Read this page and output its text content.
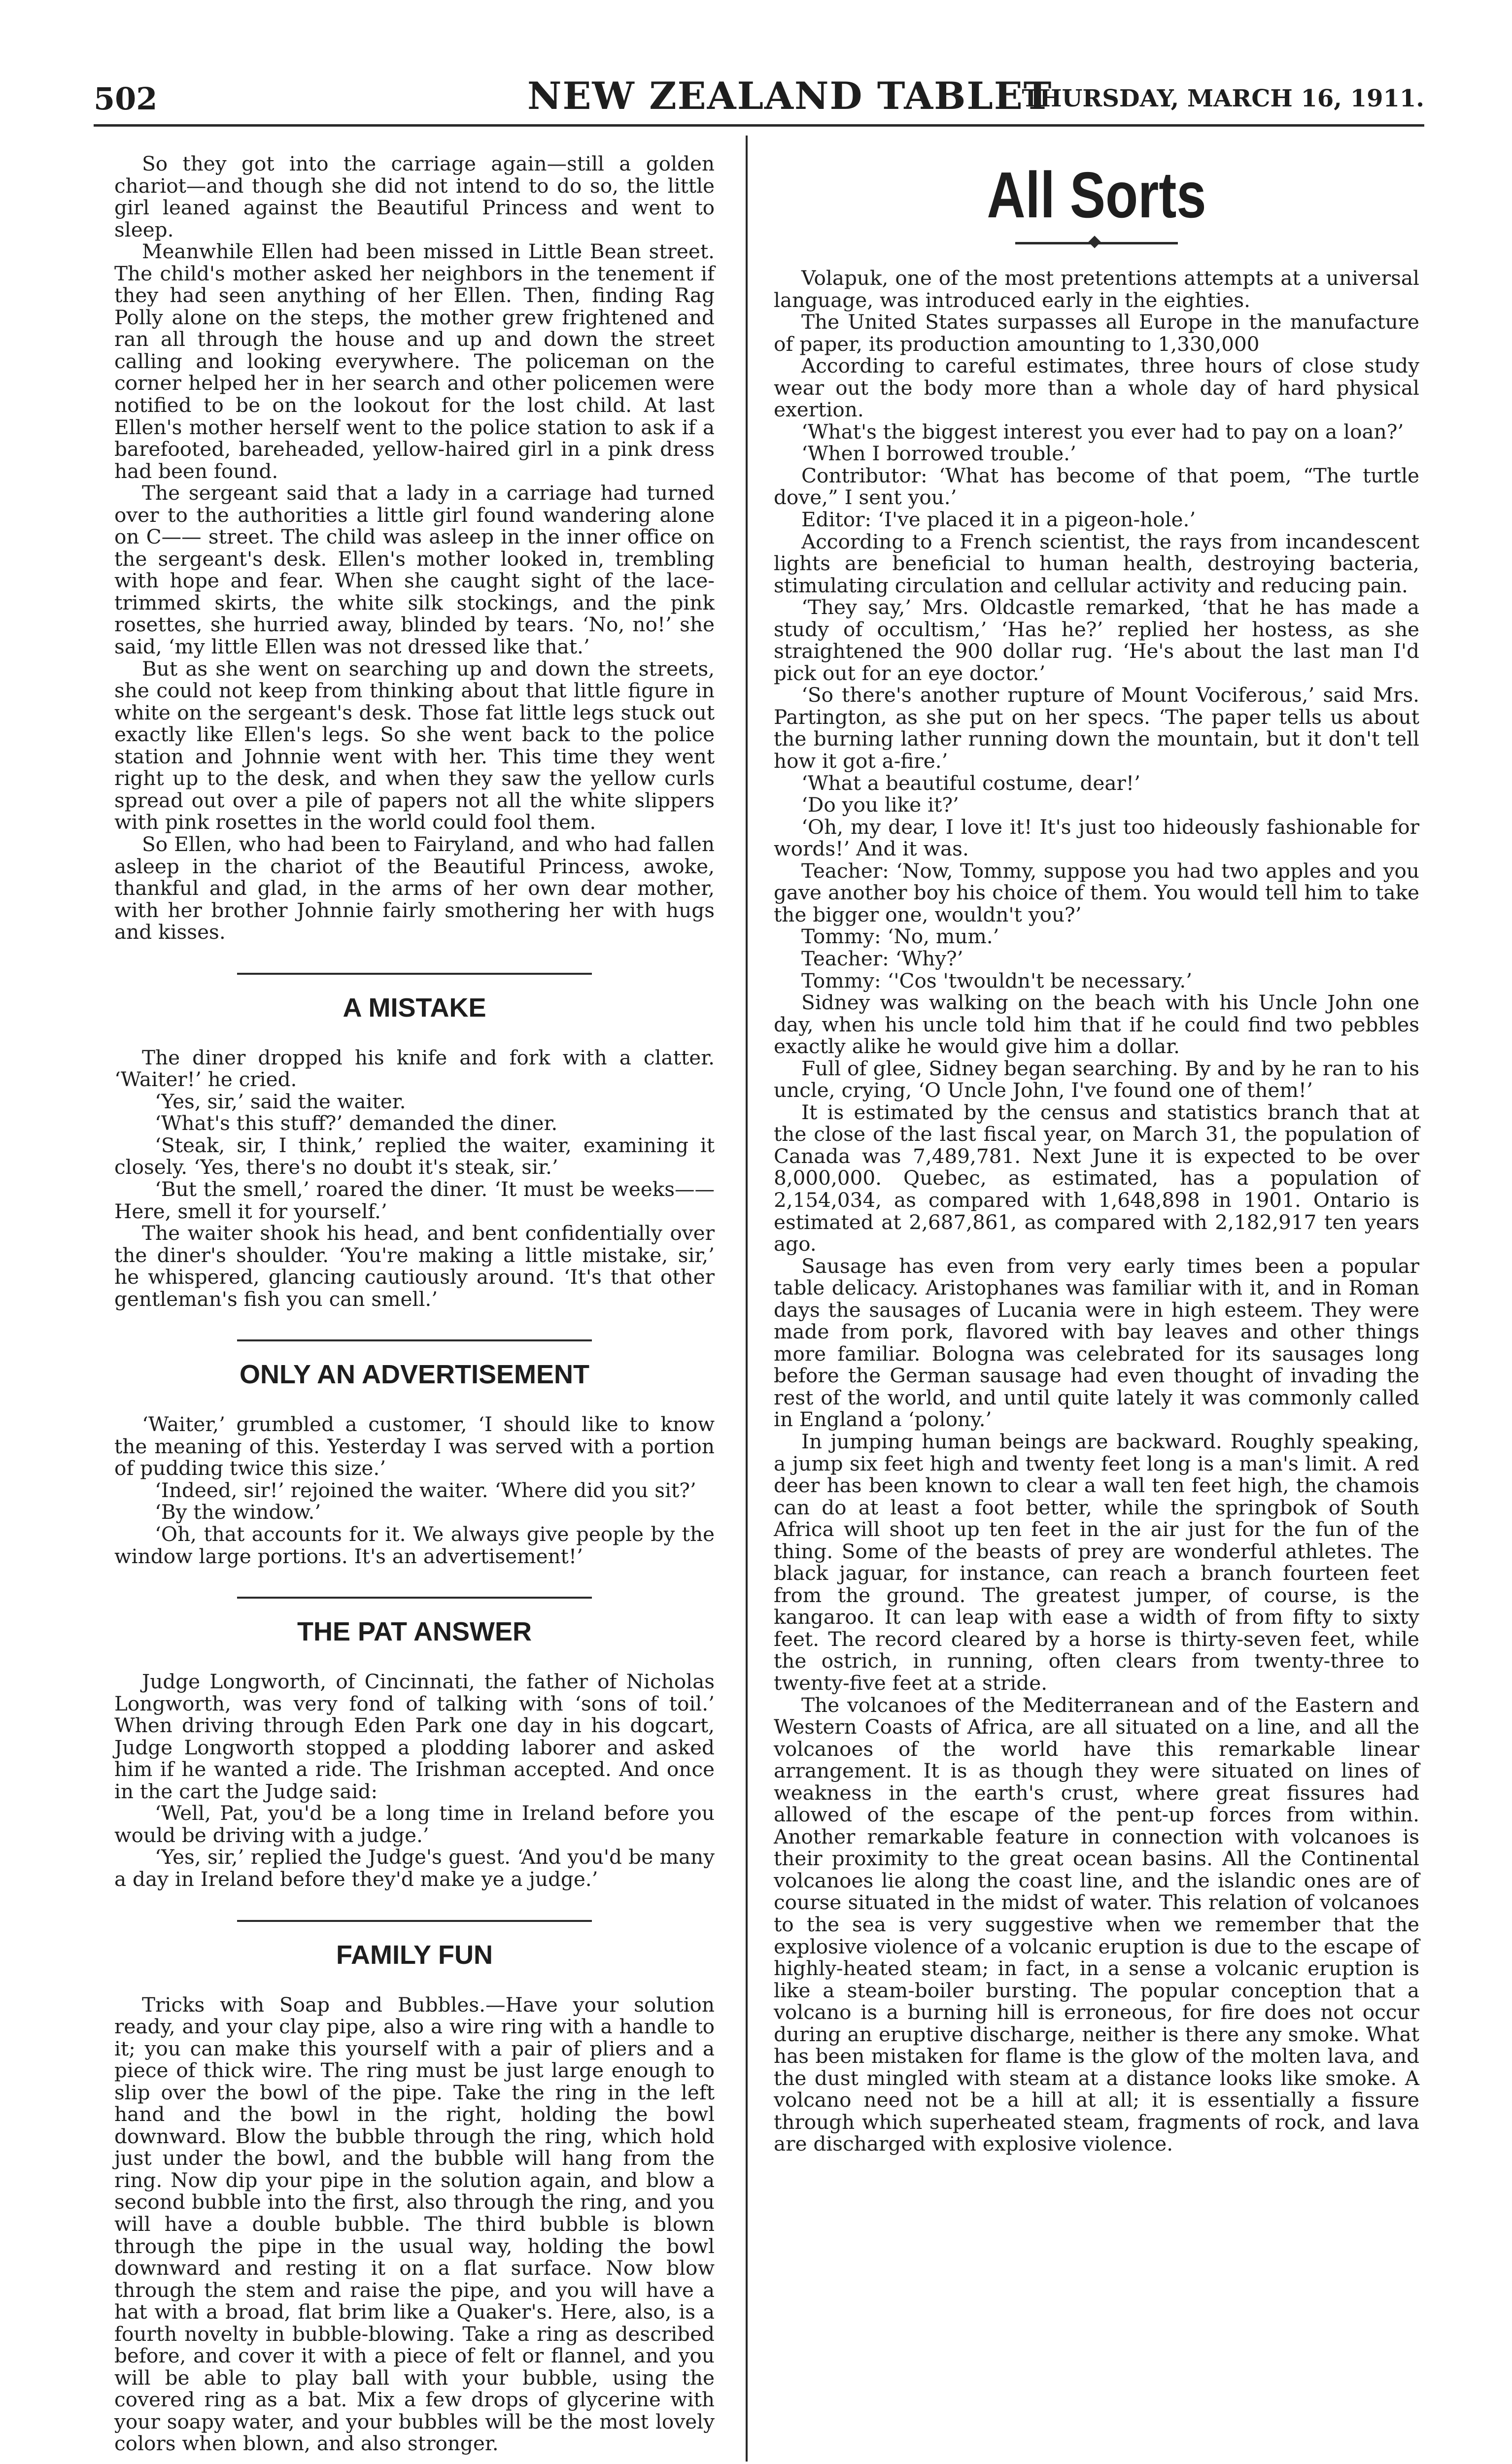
502	NEW ZEALAND TABLET
THURSDAY, MARCH 16, 1911.

So they got into the carriage again—still a golden chariot—and though she did not intend to do so, the little girl leaned against the Beautiful Princess and went to sleep.

Meanwhile Ellen had been missed in Little Bean street. The child's mother asked her neighbors in the tenement if they had seen anything of her Ellen. Then, finding Rag Polly alone on the steps, the mother grew frightened and ran all through the house and up and down the street calling and looking everywhere. The policeman on the corner helped her in her search and other policemen were notified to be on the lookout for the lost child. At last Ellen's mother herself went to the police station to ask if a barefooted, bareheaded, yellow-haired girl in a pink dress had been found.

The sergeant said that a lady in a carriage had turned over to the authorities a little girl found wandering alone on C—— street. The child was asleep in the inner office on the sergeant's desk. Ellen's mother looked in, trembling with hope and fear. When she caught sight of the lace-trimmed skirts, the white silk stockings, and the pink rosettes, she hurried away, blinded by tears. ‘No, no!’ she said, ‘my little Ellen was not dressed like that.’

But as she went on searching up and down the streets, she could not keep from thinking about that little figure in white on the sergeant's desk. Those fat little legs stuck out exactly like Ellen's legs. So she went back to the police station and Johnnie went with her. This time they went right up to the desk, and when they saw the yellow curls spread out over a pile of papers not all the white slippers with pink rosettes in the world could fool them.

So Ellen, who had been to Fairyland, and who had fallen asleep in the chariot of the Beautiful Princess, awoke, thankful and glad, in the arms of her own dear mother, with her brother Johnnie fairly smothering her with hugs and kisses.

A MISTAKE

The diner dropped his knife and fork with a clatter. ‘Waiter!’ he cried.

‘Yes, sir,’ said the waiter.

‘What's this stuff?’ demanded the diner.

‘Steak, sir, I think,’ replied the waiter, examining it closely. ‘Yes, there's no doubt it's steak, sir.’

‘But the smell,’ roared the diner. ‘It must be weeks—— Here, smell it for yourself.’

The waiter shook his head, and bent confidentially over the diner's shoulder. ‘You're making a little mistake, sir,’ he whispered, glancing cautiously around. ‘It's that other gentleman's fish you can smell.’

ONLY AN ADVERTISEMENT

‘Waiter,’ grumbled a customer, ‘I should like to know the meaning of this. Yesterday I was served with a portion of pudding twice this size.’

‘Indeed, sir!’ rejoined the waiter. ‘Where did you sit?’

‘By the window.’

‘Oh, that accounts for it. We always give people by the window large portions. It's an advertisement!’

THE PAT ANSWER

Judge Longworth, of Cincinnati, the father of Nicholas Longworth, was very fond of talking with ‘sons of toil.’ When driving through Eden Park one day in his dogcart, Judge Longworth stopped a plodding laborer and asked him if he wanted a ride. The Irishman accepted. And once in the cart the Judge said:

‘Well, Pat, you'd be a long time in Ireland before you would be driving with a judge.’

‘Yes, sir,’ replied the Judge's guest. ‘And you'd be many a day in Ireland before they'd make ye a judge.’

FAMILY FUN

Tricks with Soap and Bubbles.—Have your solution ready, and your clay pipe, also a wire ring with a handle to it; you can make this yourself with a pair of pliers and a piece of thick wire. The ring must be just large enough to slip over the bowl of the pipe. Take the ring in the left hand and the bowl in the right, holding the bowl downward. Blow the bubble through the ring, which hold just under the bowl, and the bubble will hang from the ring. Now dip your pipe in the solution again, and blow a second bubble into the first, also through the ring, and you will have a double bubble. The third bubble is blown through the pipe in the usual way, holding the bowl downward and resting it on a flat surface. Now blow through the stem and raise the pipe, and you will have a hat with a broad, flat brim like a Quaker's. Here, also, is a fourth novelty in bubble-blowing. Take a ring as described before, and cover it with a piece of felt or flannel, and you will be able to play ball with your bubble, using the covered ring as a bat. Mix a few drops of glycerine with your soapy water, and your bubbles will be the most lovely colors when blown, and also stronger.

All Sorts

Volapuk, one of the most pretentions attempts at a universal language, was introduced early in the eighties.

The United States surpasses all Europe in the manufacture of paper, its production amounting to 1,330,000

According to careful estimates, three hours of close study wear out the body more than a whole day of hard physical exertion.

‘What's the biggest interest you ever had to pay on a loan?’

‘When I borrowed trouble.’

Contributor: ‘What has become of that poem, “The turtle dove,” I sent you.’

Editor: ‘I've placed it in a pigeon-hole.’

According to a French scientist, the rays from incandescent lights are beneficial to human health, destroying bacteria, stimulating circulation and cellular activity and reducing pain.

‘They say,’ Mrs. Oldcastle remarked, ‘that he has made a study of occultism,’ ‘Has he?’ replied her hostess, as she straightened the 900 dollar rug. ‘He's about the last man I'd pick out for an eye doctor.’

‘So there's another rupture of Mount Vociferous,’ said Mrs. Partington, as she put on her specs. ‘The paper tells us about the burning lather running down the mountain, but it don't tell how it got a-fire.’

‘What a beautiful costume, dear!’

‘Do you like it?’

‘Oh, my dear, I love it! It's just too hideously fashionable for words!’ And it was.

Teacher: ‘Now, Tommy, suppose you had two apples and you gave another boy his choice of them. You would tell him to take the bigger one, wouldn't you?’

Tommy: ‘No, mum.’

Teacher: ‘Why?’

Tommy: ‘'Cos 'twouldn't be necessary.’

Sidney was walking on the beach with his Uncle John one day, when his uncle told him that if he could find two pebbles exactly alike he would give him a dollar.

Full of glee, Sidney began searching. By and by he ran to his uncle, crying, ‘O Uncle John, I've found one of them!’

It is estimated by the census and statistics branch that at the close of the last fiscal year, on March 31, the population of Canada was 7,489,781. Next June it is expected to be over 8,000,000. Quebec, as estimated, has a population of 2,154,034, as compared with 1,648,898 in 1901. Ontario is estimated at 2,687,861, as compared with 2,182,917 ten years ago.

Sausage has even from very early times been a popular table delicacy. Aristophanes was familiar with it, and in Roman days the sausages of Lucania were in high esteem. They were made from pork, flavored with bay leaves and other things more familiar. Bologna was celebrated for its sausages long before the German sausage had even thought of invading the rest of the world, and until quite lately it was commonly called in England a ‘polony.’

In jumping human beings are backward. Roughly speaking, a jump six feet high and twenty feet long is a man's limit. A red deer has been known to clear a wall ten feet high, the chamois can do at least a foot better, while the springbok of South Africa will shoot up ten feet in the air just for the fun of the thing. Some of the beasts of prey are wonderful athletes. The black jaguar, for instance, can reach a branch fourteen feet from the ground. The greatest jumper, of course, is the kangaroo. It can leap with ease a width of from fifty to sixty feet. The record cleared by a horse is thirty-seven feet, while the ostrich, in running, often clears from twenty-three to twenty-five feet at a stride.

The volcanoes of the Mediterranean and of the Eastern and Western Coasts of Africa, are all situated on a line, and all the volcanoes of the world have this remarkable linear arrangement. It is as though they were situated on lines of weakness in the earth's crust, where great fissures had allowed of the escape of the pent-up forces from within. Another remarkable feature in connection with volcanoes is their proximity to the great ocean basins. All the Continental volcanoes lie along the coast line, and the islandic ones are of course situated in the midst of water. This relation of volcanoes to the sea is very suggestive when we remember that the explosive violence of a volcanic eruption is due to the escape of highly-heated steam; in fact, in a sense a volcanic eruption is like a steam-boiler bursting. The popular conception that a volcano is a burning hill is erroneous, for fire does not occur during an eruptive discharge, neither is there any smoke. What has been mistaken for flame is the glow of the molten lava, and the dust mingled with steam at a distance looks like smoke. A volcano need not be a hill at all; it is essentially a fissure through which superheated steam, fragments of rock, and lava are discharged with explosive violence.
